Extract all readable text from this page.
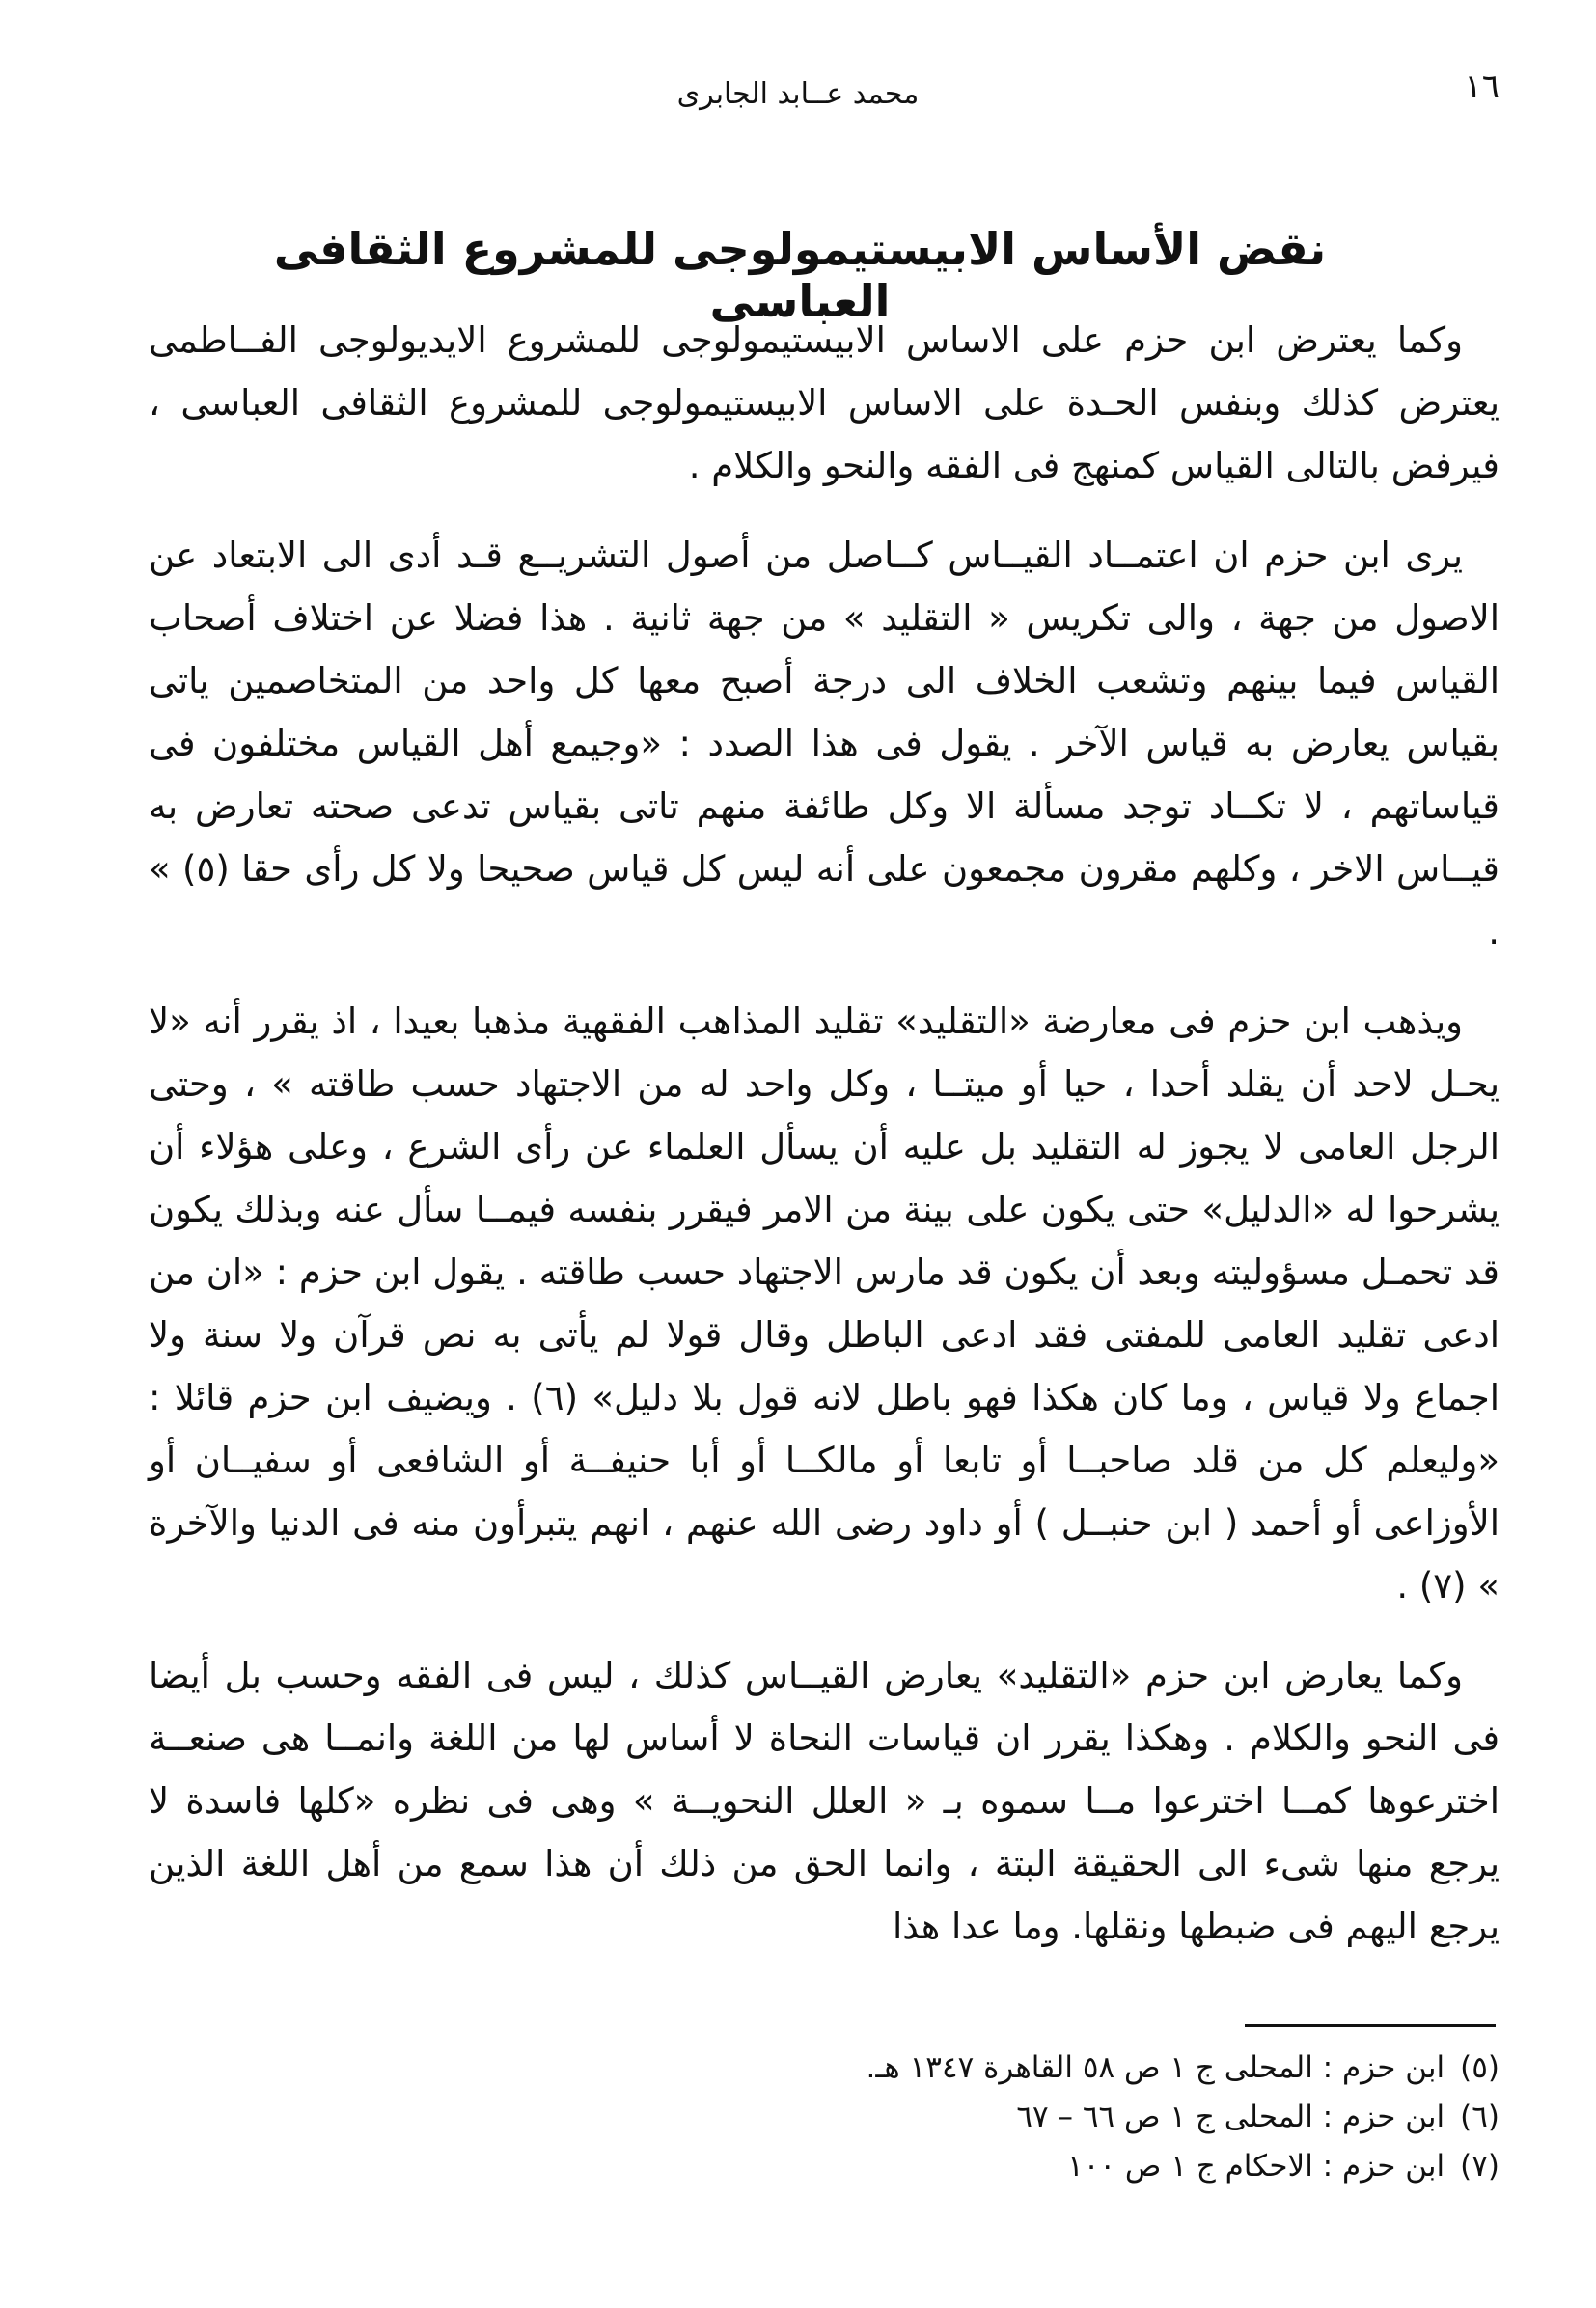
١٦
محمد عــابد الجابرى
نقض الأساس الابيستيمولوجى للمشروع الثقافى العباسى

وكما يعترض ابن حزم على الاساس الابيستيمولوجى للمشروع الايديولوجى الفــاطمى يعترض كذلك وبنفس الحـدة على الاساس الابيستيمولوجى للمشروع الثقافى العباسى ، فيرفض بالتالى القياس كمنهج فى الفقه والنحو والكلام .

يرى ابن حزم ان اعتمــاد القيــاس كــاصل من أصول التشريــع قـد أدى الى الابتعاد عن الاصول من جهة ، والى تكريس « التقليد » من جهة ثانية . هذا فضلا عن اختلاف أصحاب القياس فيما بينهم وتشعب الخلاف الى درجة أصبح معها كل واحد من المتخاصمين ياتى بقياس يعارض به قياس الآخر . يقول فى هذا الصدد : «وجيمع أهل القياس مختلفون فى قياساتهم ، لا تكــاد توجد مسألة الا وكل طائفة منهم تاتى بقياس تدعى صحته تعارض به قيــاس الاخر ، وكلهم مقرون مجمعون على أنه ليس كل قياس صحيحا ولا كل رأى حقا (٥) » .

ويذهب ابن حزم فى معارضة «التقليد» تقليد المذاهب الفقهية مذهبا بعيدا ، اذ يقرر أنه «لا يحـل لاحد أن يقلد أحدا ، حيا أو ميتــا ، وكل واحد له من الاجتهاد حسب طاقته » ، وحتى الرجل العامى لا يجوز له التقليد بل عليه أن يسأل العلماء عن رأى الشرع ، وعلى هؤلاء أن يشرحوا له «الدليل» حتى يكون على بينة من الامر فيقرر بنفسه فيمــا سأل عنه وبذلك يكون قد تحمـل مسؤوليته وبعد أن يكون قد مارس الاجتهاد حسب طاقته . يقول ابن حزم : «ان من ادعى تقليد العامى للمفتى فقد ادعى الباطل وقال قولا لم يأتى به نص قرآن ولا سنة ولا اجماع ولا قياس ، وما كان هكذا فهو باطل لانه قول بلا دليل» (٦) . ويضيف ابن حزم قائلا : «وليعلم كل من قلد صاحبــا أو تابعا أو مالكــا أو أبا حنيفــة أو الشافعى أو سفيــان أو الأوزاعى أو أحمد ( ابن حنبــل ) أو داود رضى الله عنهم ، انهم يتبرأون منه فى الدنيا والآخرة » (٧) .

وكما يعارض ابن حزم «التقليد» يعارض القيــاس كذلك ، ليس فى الفقه وحسب بل أيضا فى النحو والكلام . وهكذا يقرر ان قياسات النحاة لا أساس لها من اللغة وانمــا هى صنعــة اخترعوها كمــا اخترعوا مــا سموه بـ « العلل النحويــة » وهى فى نظره «كلها فاسدة لا يرجع منها شىء الى الحقيقة البتة ، وانما الحق من ذلك أن هذا سمع من أهل اللغة الذين يرجع اليهم فى ضبطها ونقلها. وما عدا هذا

(٥)ابن حزم : المحلى ج ١ ص ٥٨ القاهرة ١٣٤٧ هـ.
(٦)ابن حزم : المحلى ج ١ ص ٦٦ – ٦٧
(٧)ابن حزم : الاحكام ج ١ ص ١٠٠
